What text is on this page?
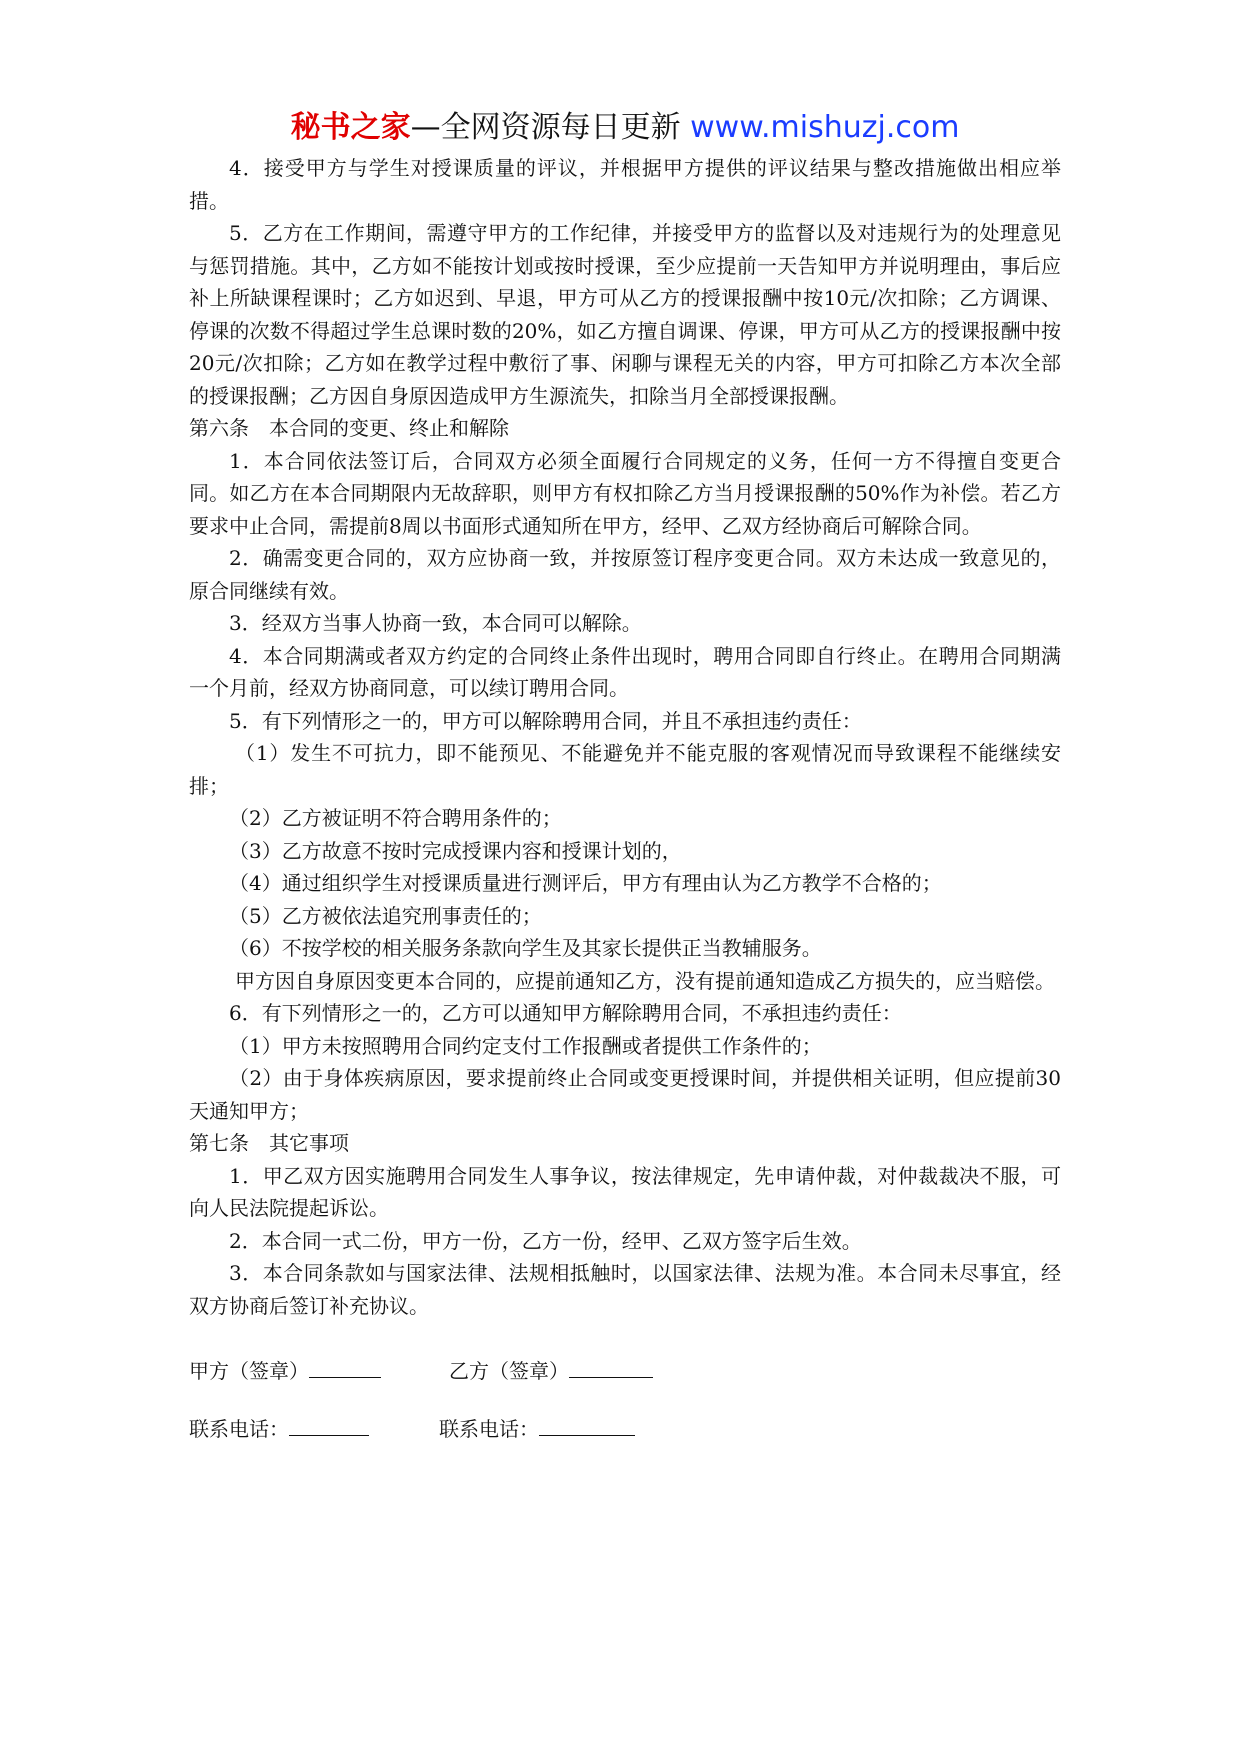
秘书之家—全网资源每日更新 www.mishuzj.com

4．接受甲方与学生对授课质量的评议，并根据甲方提供的评议结果与整改措施做出相应举措。

5．乙方在工作期间，需遵守甲方的工作纪律，并接受甲方的监督以及对违规行为的处理意见与惩罚措施。其中，乙方如不能按计划或按时授课，至少应提前一天告知甲方并说明理由，事后应补上所缺课程课时；乙方如迟到、早退，甲方可从乙方的授课报酬中按10元/次扣除；乙方调课、停课的次数不得超过学生总课时数的20%，如乙方擅自调课、停课，甲方可从乙方的授课报酬中按20元/次扣除；乙方如在教学过程中敷衍了事、闲聊与课程无关的内容，甲方可扣除乙方本次全部的授课报酬；乙方因自身原因造成甲方生源流失，扣除当月全部授课报酬。

第六条　本合同的变更、终止和解除

1．本合同依法签订后，合同双方必须全面履行合同规定的义务，任何一方不得擅自变更合同。如乙方在本合同期限内无故辞职，则甲方有权扣除乙方当月授课报酬的50%作为补偿。若乙方要求中止合同，需提前8周以书面形式通知所在甲方，经甲、乙双方经协商后可解除合同。

2．确需变更合同的，双方应协商一致，并按原签订程序变更合同。双方未达成一致意见的，原合同继续有效。

3．经双方当事人协商一致，本合同可以解除。

4．本合同期满或者双方约定的合同终止条件出现时，聘用合同即自行终止。在聘用合同期满一个月前，经双方协商同意，可以续订聘用合同。

5．有下列情形之一的，甲方可以解除聘用合同，并且不承担违约责任：

（1）发生不可抗力，即不能预见、不能避免并不能克服的客观情况而导致课程不能继续安排；

（2）乙方被证明不符合聘用条件的；

（3）乙方故意不按时完成授课内容和授课计划的，

（4）通过组织学生对授课质量进行测评后，甲方有理由认为乙方教学不合格的；

（5）乙方被依法追究刑事责任的；

（6）不按学校的相关服务条款向学生及其家长提供正当教辅服务。

甲方因自身原因变更本合同的，应提前通知乙方，没有提前通知造成乙方损失的，应当赔偿。

6．有下列情形之一的，乙方可以通知甲方解除聘用合同，不承担违约责任：

（1）甲方未按照聘用合同约定支付工作报酬或者提供工作条件的；

（2）由于身体疾病原因，要求提前终止合同或变更授课时间，并提供相关证明，但应提前30天通知甲方；

第七条　其它事项

1．甲乙双方因实施聘用合同发生人事争议，按法律规定，先申请仲裁，对仲裁裁决不服，可向人民法院提起诉讼。

2．本合同一式二份，甲方一份，乙方一份，经甲、乙双方签字后生效。

3．本合同条款如与国家法律、法规相抵触时，以国家法律、法规为准。本合同未尽事宜，经双方协商后签订补充协议。

甲方（签章）	乙方（签章）
联系电话：	联系电话：
